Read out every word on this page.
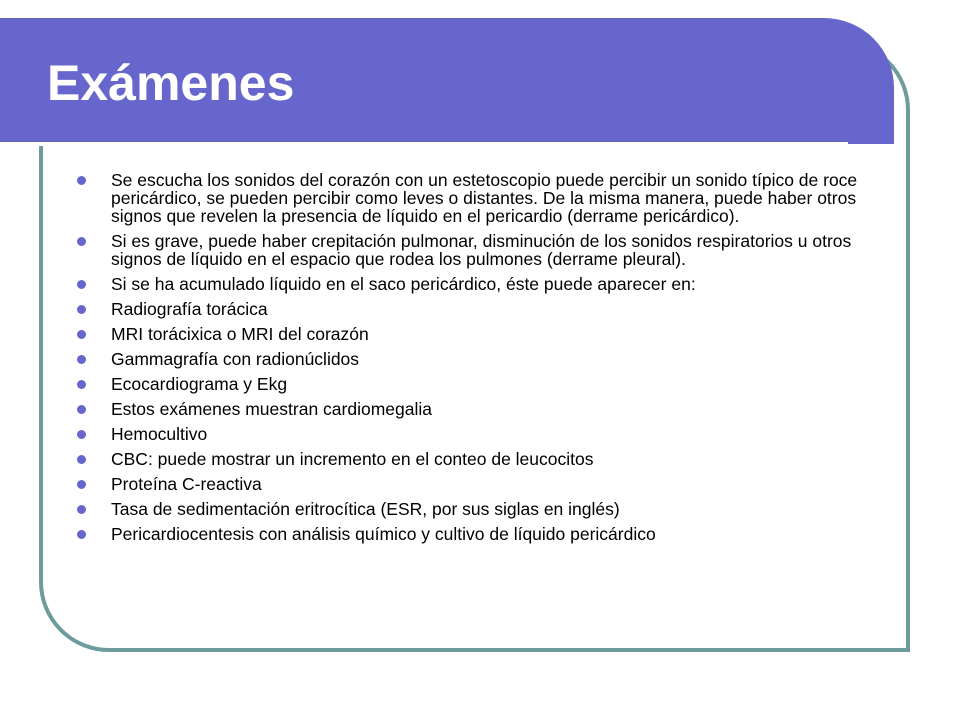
Exámenes
Se escucha los sonidos del corazón con un estetoscopio puede percibir un sonido típico de roce pericárdico, se pueden percibir como leves o distantes. De la misma manera, puede haber otros signos que revelen la presencia de líquido en el pericardio (derrame pericárdico).
Si es grave, puede haber crepitación pulmonar, disminución de los sonidos respiratorios u otros signos de líquido en el espacio que rodea los pulmones (derrame pleural).
Si se ha acumulado líquido en el saco pericárdico, éste puede aparecer en:
Radiografía torácica
MRI torácixica o MRI del corazón
Gammagrafía con radionúclidos
Ecocardiograma y Ekg
Estos exámenes muestran cardiomegalia
Hemocultivo
CBC: puede mostrar un incremento en el conteo de leucocitos
Proteína C-reactiva
Tasa de sedimentación eritrocítica (ESR, por sus siglas en inglés)
Pericardiocentesis con análisis químico y cultivo de líquido pericárdico
